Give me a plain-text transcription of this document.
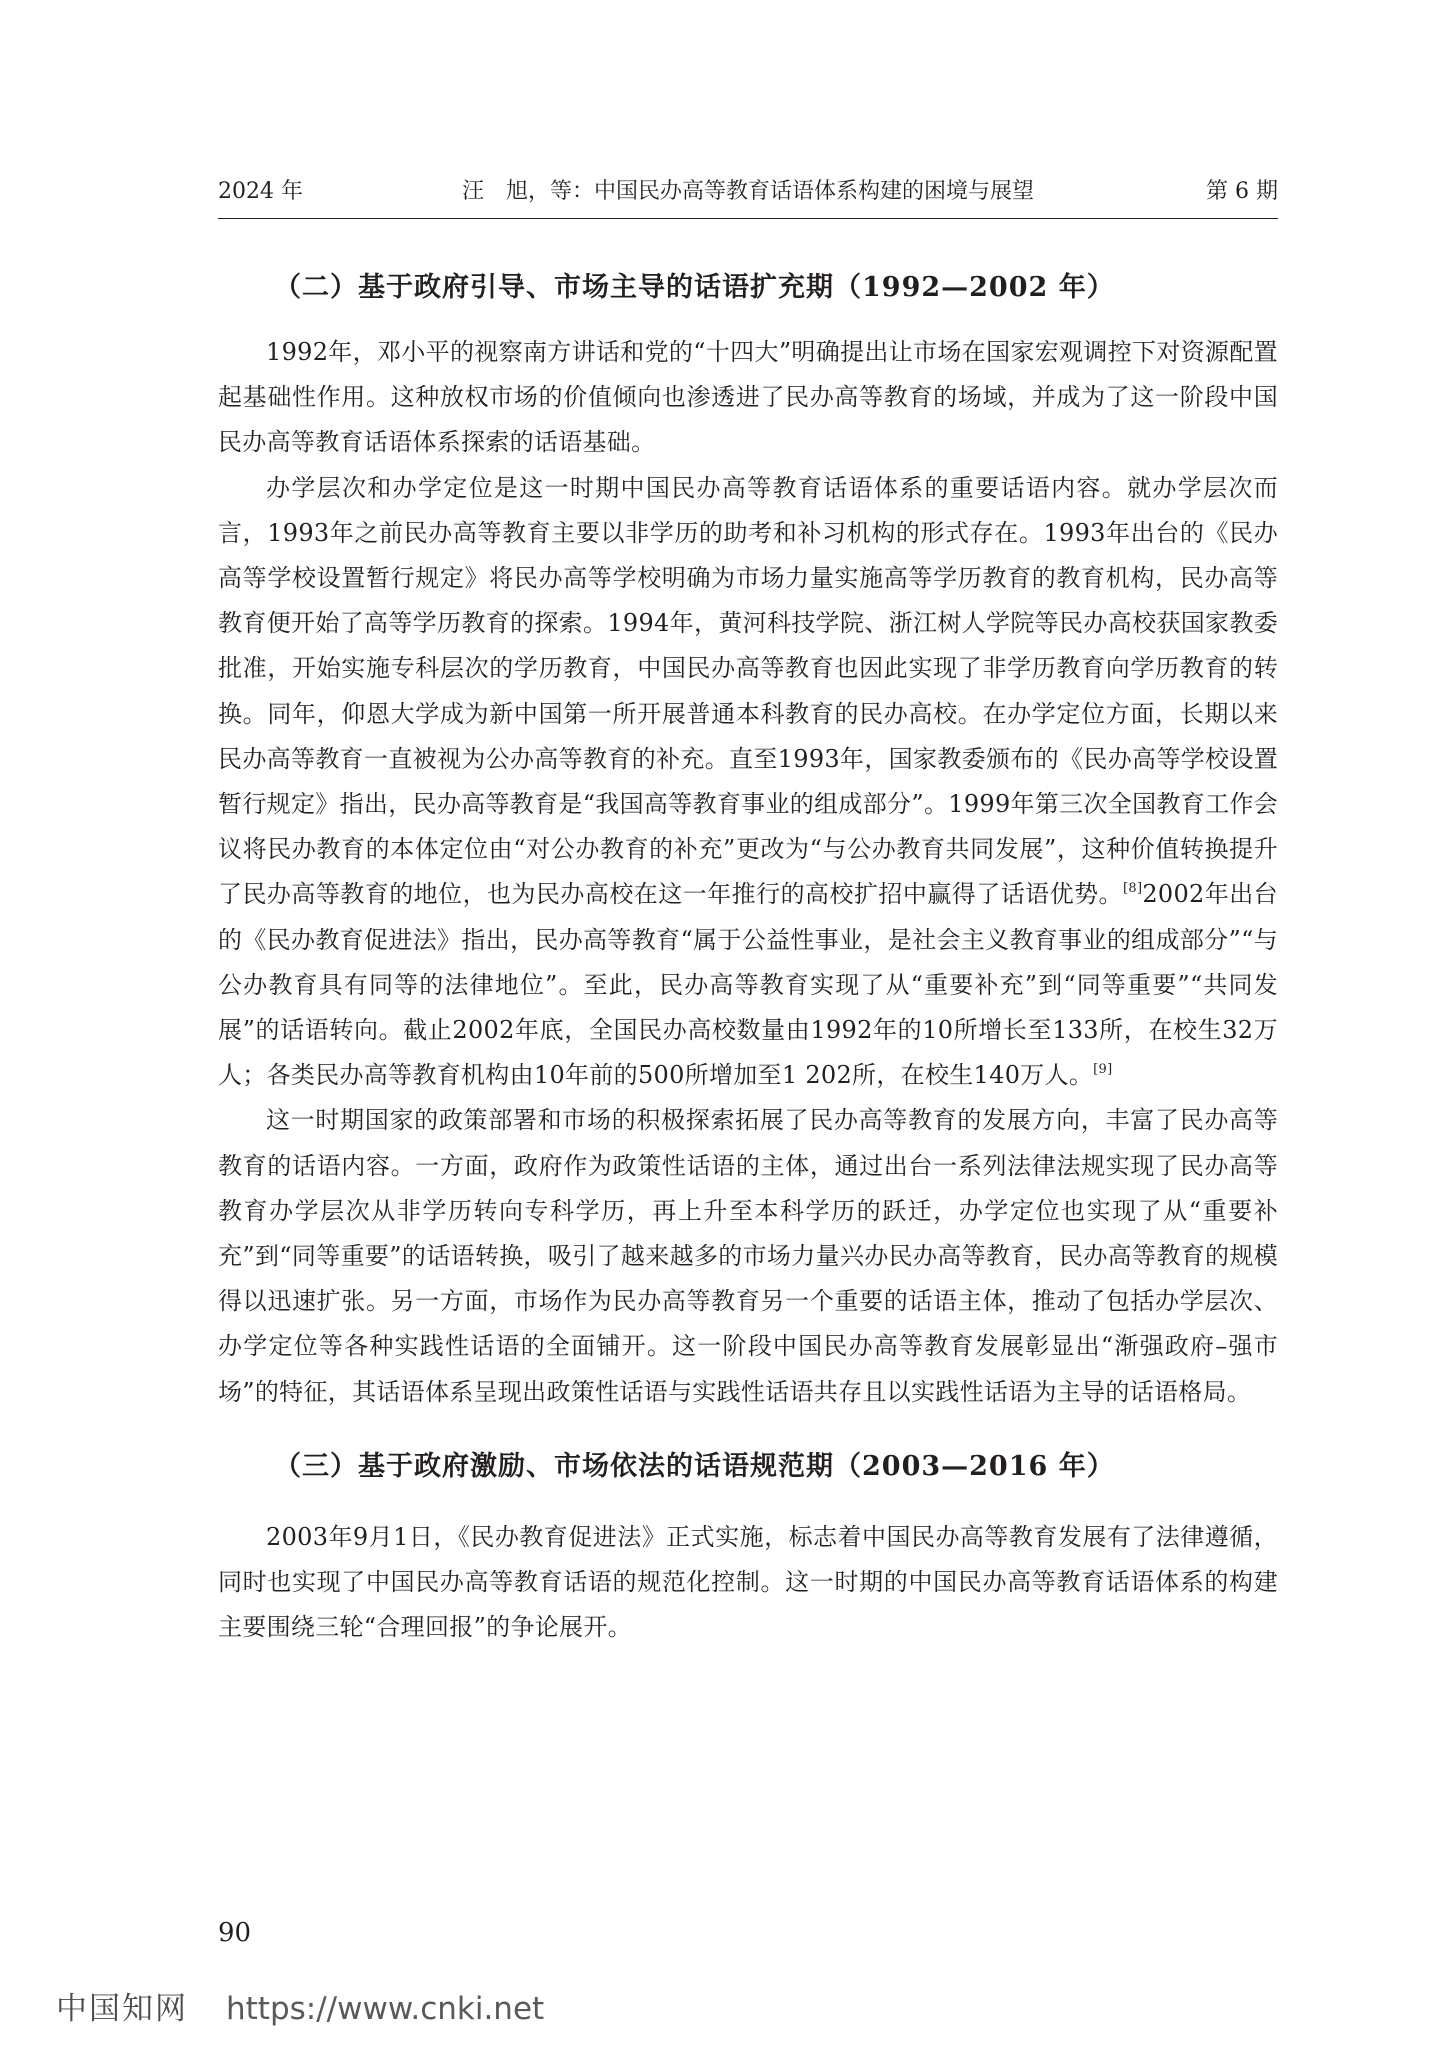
2024 年	汪　旭，等：中国民办高等教育话语体系构建的困境与展望	第 6 期
（二）基于政府引导、市场主导的话语扩充期（1992—2002 年）

1992年，邓小平的视察南方讲话和党的“十四大”明确提出让市场在国家宏观调控下对资源配置起基础性作用。这种放权市场的价值倾向也渗透进了民办高等教育的场域，并成为了这一阶段中国民办高等教育话语体系探索的话语基础。

办学层次和办学定位是这一时期中国民办高等教育话语体系的重要话语内容。就办学层次而言，1993年之前民办高等教育主要以非学历的助考和补习机构的形式存在。1993年出台的《民办高等学校设置暂行规定》将民办高等学校明确为市场力量实施高等学历教育的教育机构，民办高等教育便开始了高等学历教育的探索。1994年，黄河科技学院、浙江树人学院等民办高校获国家教委批准，开始实施专科层次的学历教育，中国民办高等教育也因此实现了非学历教育向学历教育的转换。同年，仰恩大学成为新中国第一所开展普通本科教育的民办高校。在办学定位方面，长期以来民办高等教育一直被视为公办高等教育的补充。直至1993年，国家教委颁布的《民办高等学校设置暂行规定》指出，民办高等教育是“我国高等教育事业的组成部分”。1999年第三次全国教育工作会议将民办教育的本体定位由“对公办教育的补充”更改为“与公办教育共同发展”，这种价值转换提升了民办高等教育的地位，也为民办高校在这一年推行的高校扩招中赢得了话语优势。[8]2002年出台的《民办教育促进法》指出，民办高等教育“属于公益性事业，是社会主义教育事业的组成部分”“与公办教育具有同等的法律地位”。至此，民办高等教育实现了从“重要补充”到“同等重要”“共同发展”的话语转向。截止2002年底，全国民办高校数量由1992年的10所增长至133所，在校生32万人；各类民办高等教育机构由10年前的500所增加至1 202所，在校生140万人。[9]

这一时期国家的政策部署和市场的积极探索拓展了民办高等教育的发展方向，丰富了民办高等教育的话语内容。一方面，政府作为政策性话语的主体，通过出台一系列法律法规实现了民办高等教育办学层次从非学历转向专科学历，再上升至本科学历的跃迁，办学定位也实现了从“重要补充”到“同等重要”的话语转换，吸引了越来越多的市场力量兴办民办高等教育，民办高等教育的规模得以迅速扩张。另一方面，市场作为民办高等教育另一个重要的话语主体，推动了包括办学层次、办学定位等各种实践性话语的全面铺开。这一阶段中国民办高等教育发展彰显出“渐强政府–强市场”的特征，其话语体系呈现出政策性话语与实践性话语共存且以实践性话语为主导的话语格局。

（三）基于政府激励、市场依法的话语规范期（2003—2016 年）

2003年9月1日，《民办教育促进法》正式实施，标志着中国民办高等教育发展有了法律遵循，同时也实现了中国民办高等教育话语的规范化控制。这一时期的中国民办高等教育话语体系的构建主要围绕三轮“合理回报”的争论展开。

90
中国知网 https://www.cnki.net
